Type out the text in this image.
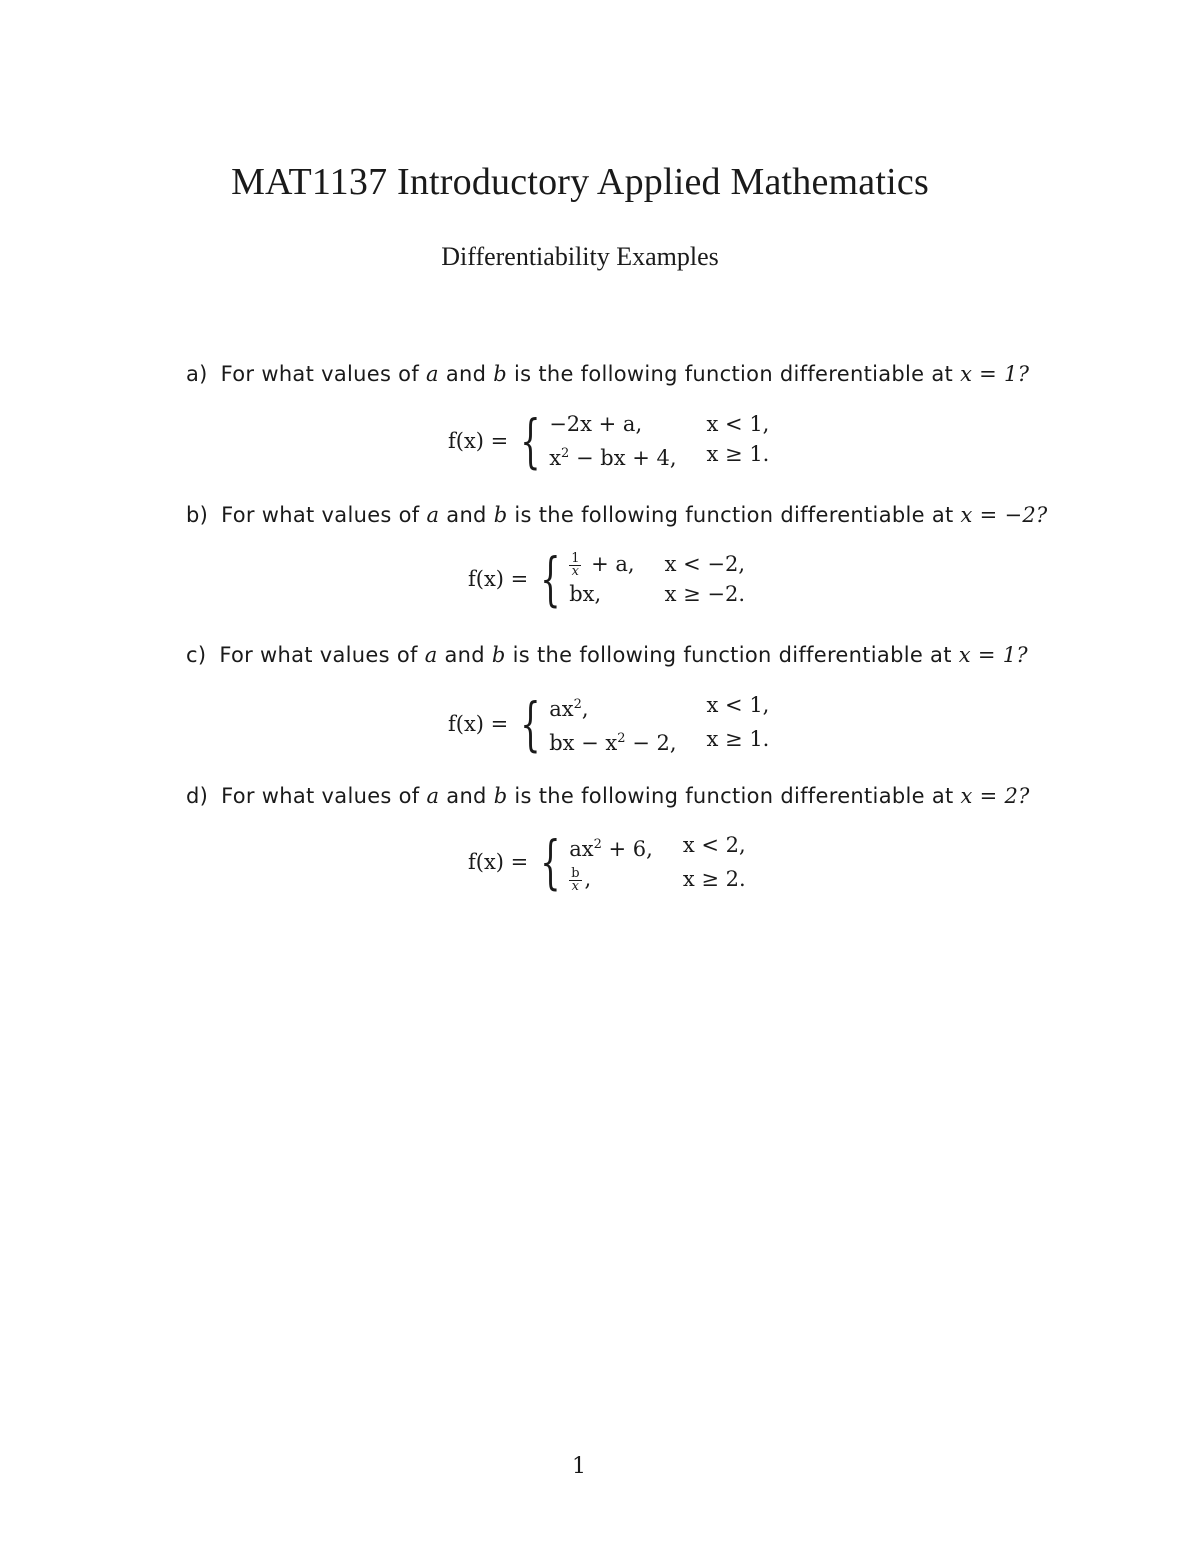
MAT1137 Introductory Applied Mathematics
Differentiability Examples
a) For what values of a and b is the following function differentiable at x = 1?
f(x) = { −2x + a,	x < 1,
$x^2$ − bx + 4, x ≥ 1.
b) For what values of a and b is the following function differentiable at x = −2?
f(x) = { $\frac{1}{x} + a$, x < −2,
bx,	x ≥ −2.
c) For what values of a and b is the following function differentiable at x = 1?
f(x) = { $ax^2$,	x < 1,
bx − $x^2 - 2$, x ≥ 1.
d) For what values of a and b is the following function differentiable at x = 2?
f(x) = { $ax^2 + 6$, x < 2,
$\frac{b}{x}$ ,	x ≥ 2.
1
